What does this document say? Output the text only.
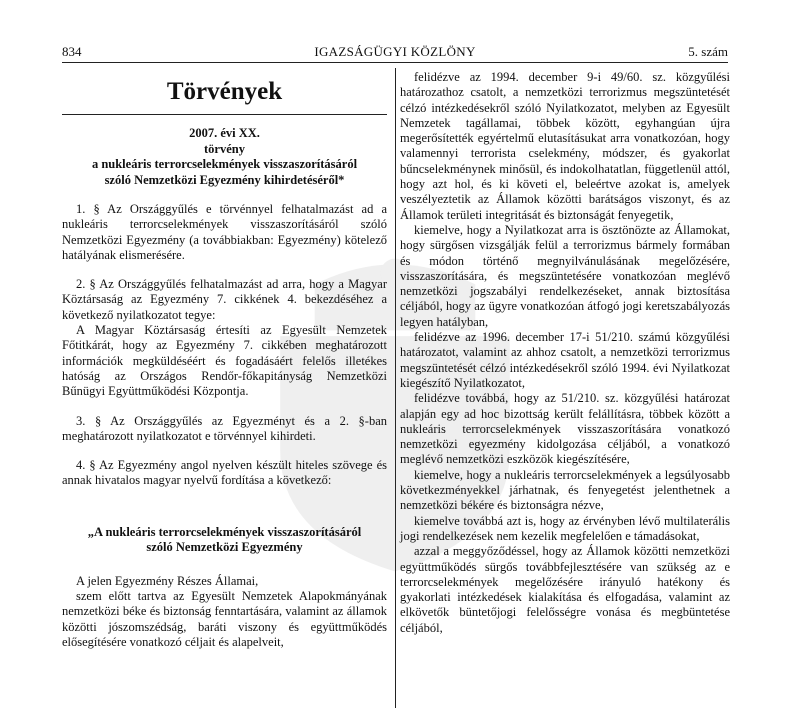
834	IGAZSÁGÜGYI KÖZLÖNY	5. szám
Törvények
2007. évi XX.
törvény
a nukleáris terrorcselekmények visszaszorításáról
szóló Nemzetközi Egyezmény kihirdetéséről*

1. § Az Országgyűlés e törvénnyel felhatalmazást ad a nukleáris terrorcselekmények visszaszorításáról szóló Nemzetközi Egyezmény (a továbbiakban: Egyezmény) kötelező hatályának elismerésére.

2. § Az Országgyűlés felhatalmazást ad arra, hogy a Magyar Köztársaság az Egyezmény 7. cikkének 4. bekezdéséhez a következő nyilatkozatot tegye:

A Magyar Köztársaság értesíti az Egyesült Nemzetek Főtitkárát, hogy az Egyezmény 7. cikkében meghatározott információk megküldéséért és fogadásáért felelős illetékes hatóság az Országos Rendőr-főkapitányság Nemzetközi Bűnügyi Együttműködési Központja.

3. § Az Országgyűlés az Egyezményt és a 2. §-ban meghatározott nyilatkozatot e törvénnyel kihirdeti.

4. § Az Egyezmény angol nyelven készült hiteles szövege és annak hivatalos magyar nyelvű fordítása a következő:

„A nukleáris terrorcselekmények visszaszorításáról
szóló Nemzetközi Egyezmény

A jelen Egyezmény Részes Államai,

szem előtt tartva az Egyesült Nemzetek Alapokmányának nemzetközi béke és biztonság fenntartására, valamint az államok közötti jószomszédság, baráti viszony és együttműködés elősegítésére vonatkozó céljait és alapelveit,

felidézve az 1994. december 9-i 49/60. sz. közgyűlési határozathoz csatolt, a nemzetközi terrorizmus megszüntetését célzó intézkedésekről szóló Nyilatkozatot, melyben az Egyesült Nemzetek tagállamai, többek között, egyhangúan újra megerősítették egyértelmű elutasításukat arra vonatkozóan, hogy valamennyi terrorista cselekmény, módszer, és gyakorlat bűncselekménynek minősül, és indokolhatatlan, függetlenül attól, hogy azt hol, és ki követi el, beleértve azokat is, amelyek veszélyeztetik az Államok közötti barátságos viszonyt, és az Államok területi integritását és biztonságát fenyegetik,

kiemelve, hogy a Nyilatkozat arra is ösztönözte az Államokat, hogy sürgősen vizsgálják felül a terrorizmus bármely formában és módon történő megnyilvánulásának megelőzésére, visszaszorítására, és megszüntetésére vonatkozóan meglévő nemzetközi jogszabályi rendelkezéseket, annak biztosítása céljából, hogy az ügyre vonatkozóan átfogó jogi keretszabályozás legyen hatályban,

felidézve az 1996. december 17-i 51/210. számú közgyűlési határozatot, valamint az ahhoz csatolt, a nemzetközi terrorizmus megszüntetését célzó intézkedésekről szóló 1994. évi Nyilatkozat kiegészítő Nyilatkozatot,

felidézve továbbá, hogy az 51/210. sz. közgyűlési határozat alapján egy ad hoc bizottság került felállításra, többek között a nukleáris terrorcselekmények visszaszorítására vonatkozó nemzetközi egyezmény kidolgozása céljából, a vonatkozó meglévő nemzetközi eszközök kiegészítésére,

kiemelve, hogy a nukleáris terrorcselekmények a legsúlyosabb következményekkel járhatnak, és fenyegetést jelenthetnek a nemzetközi békére és biztonságra nézve,

kiemelve továbbá azt is, hogy az érvényben lévő multilaterális jogi rendelkezések nem kezelik megfelelően e támadásokat,

azzal a meggyőződéssel, hogy az Államok közötti nemzetközi együttműködés sürgős továbbfejlesztésére van szükség az e terrorcselekmények megelőzésére irányuló hatékony és gyakorlati intézkedések kialakítása és elfogadása, valamint az elkövetők büntetőjogi felelősségre vonása és megbüntetése céljából,
